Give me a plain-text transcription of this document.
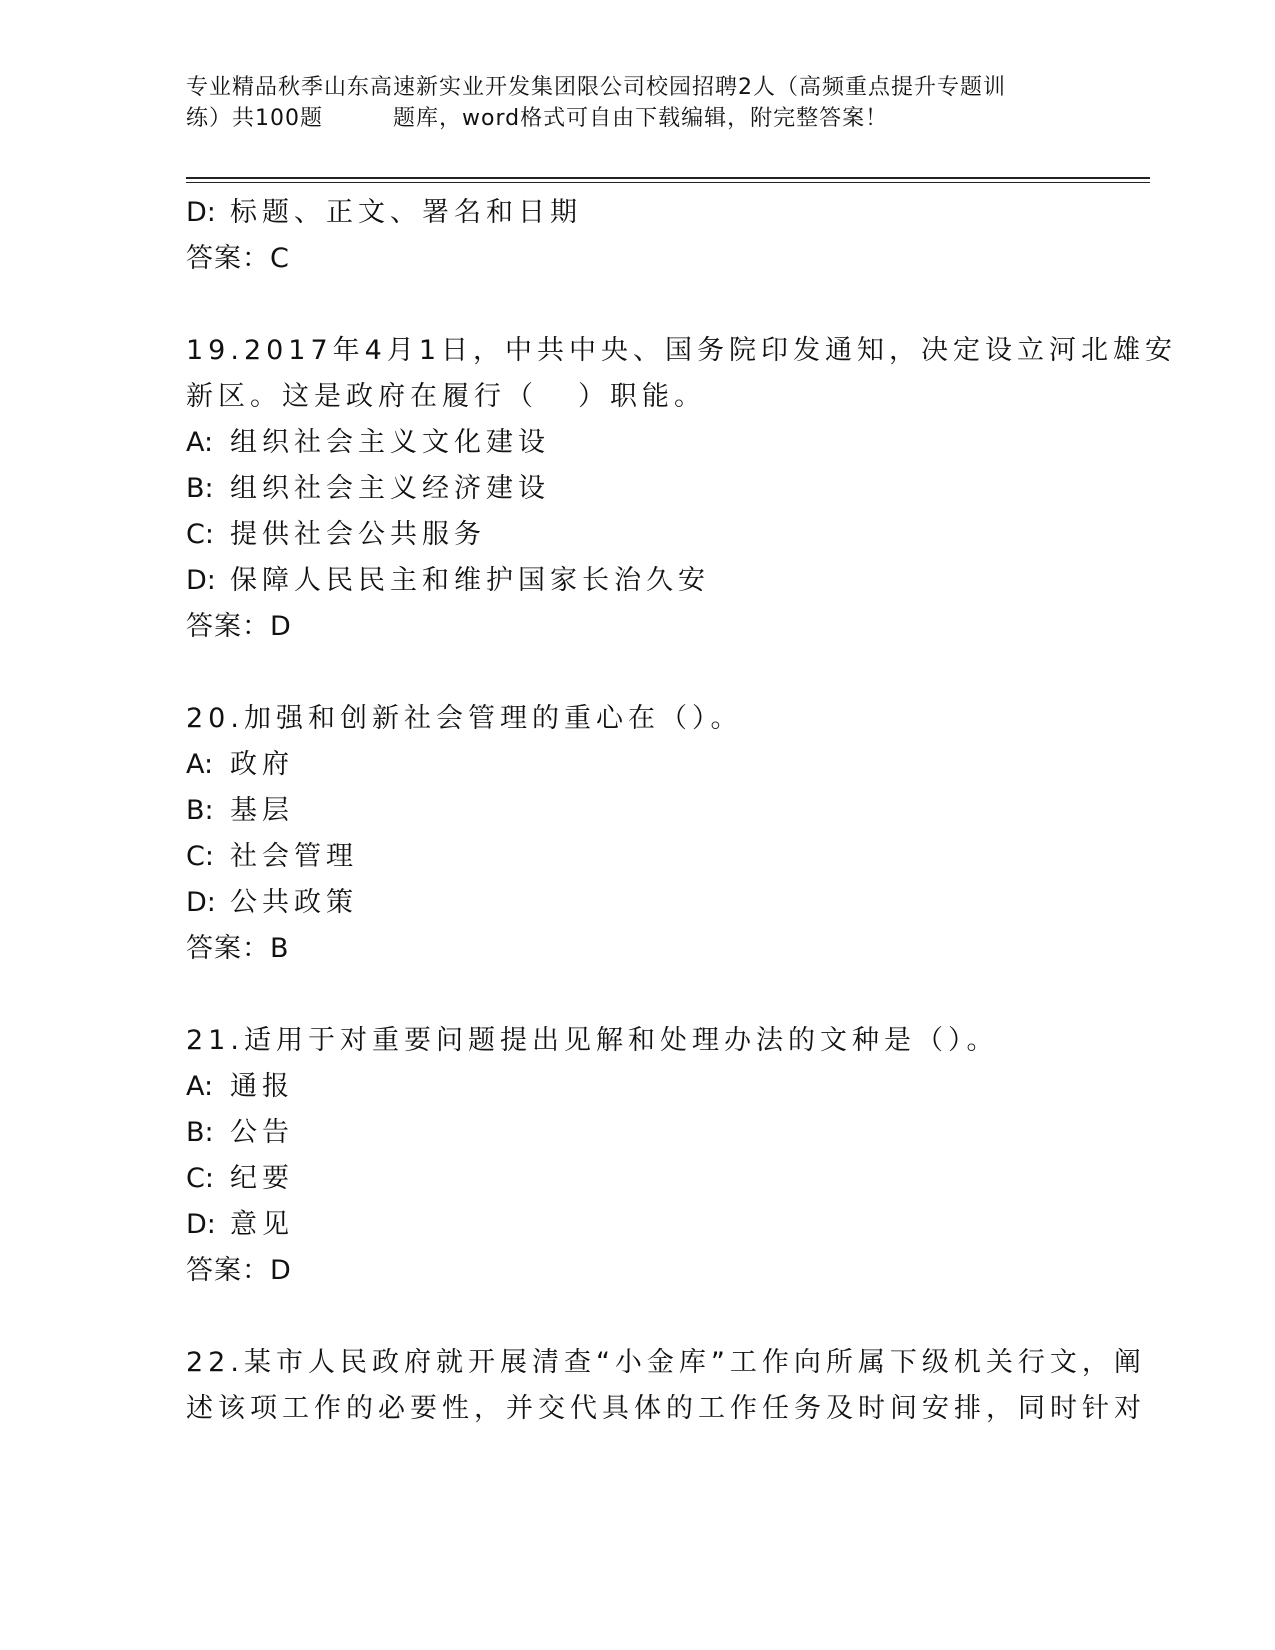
专业精品秋季山东高速新实业开发集团限公司校园招聘2人（高频重点提升专题训
练）共100题	题库，word格式可自由下载编辑，附完整答案！
D: 标题、正文、署名和日期
答案：C
19.2017年4月1日，中共中央、国务院印发通知，决定设立河北雄安
新区。这是政府在履行（ ）职能。
A: 组织社会主义文化建设
B: 组织社会主义经济建设
C: 提供社会公共服务
D: 保障人民民主和维护国家长治久安
答案：D
20.加强和创新社会管理的重心在（）。
A: 政府
B: 基层
C: 社会管理
D: 公共政策
答案：B
21.适用于对重要问题提出见解和处理办法的文种是（）。
A: 通报
B: 公告
C: 纪要
D: 意见
答案：D
22.某市人民政府就开展清查“小金库”工作向所属下级机关行文，阐
述该项工作的必要性，并交代具体的工作任务及时间安排，同时针对
